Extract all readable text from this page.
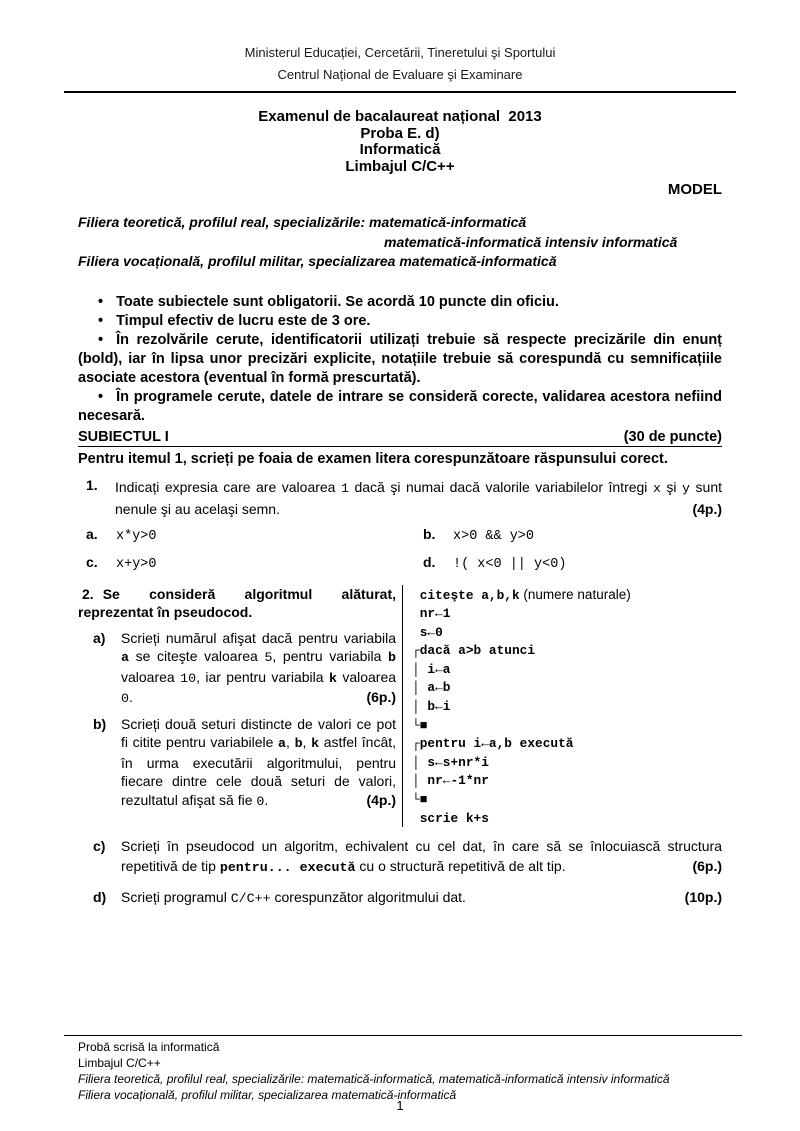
Ministerul Educației, Cercetării, Tineretului şi Sportului
Centrul Național de Evaluare şi Examinare
Examenul de bacalaureat național  2013
Proba E. d)
Informatică
Limbajul C/C++
MODEL
Filiera teoretică, profilul real, specializările: matematică-informatică
matematică-informatică intensiv informatică
Filiera vocațională, profilul militar, specializarea matematică-informatică

• Toate subiectele sunt obligatorii. Se acordă 10 puncte din oficiu.

• Timpul efectiv de lucru este de 3 ore.

• În rezolvările cerute, identificatorii utilizați trebuie să respecte precizările din enunț (bold), iar în lipsa unor precizări explicite, notațiile trebuie să corespundă cu semnificațiile asociate acestora (eventual în formă prescurtată).

• În programele cerute, datele de intrare se consideră corecte, validarea acestora nefiind necesară.

SUBIECTUL I	(30 de puncte)
Pentru itemul 1, scrieți pe foaia de examen litera corespunzătoare răspunsului corect.
1.	Indicați expresia care are valoarea 1 dacă şi numai dacă valorile variabilelor întregi x şi y sunt nenule şi au acelaşi semn.	(4p.)
a.	x*y>0	b.	x>0 && y>0
c.	x+y>0	d.	!( x<0 || y<0)

2. Se consideră algoritmul alăturat, reprezentat în pseudocod.

a)	Scrieți numărul afişat dacă pentru variabila a se citeşte valoarea 5, pentru variabila b valoarea 10, iar pentru variabila k valoarea 0.	(6p.)
b)	Scrieți două seturi distincte de valori ce pot fi citite pentru variabilele a, b, k astfel încât, în urma executării algoritmului, pentru fiecare dintre cele două seturi de valori, rezultatul afişat să fie 0.	(4p.)
citeşte a,b,k (numere naturale)
nr←1
s←0
┌dacă a>b atunci
│ i←a
│ a←b
│ b←i
└■
┌pentru i←a,b execută
│ s←s+nr*i
│ nr←-1*nr
└■
scrie k+s
c)	Scrieți în pseudocod un algoritm, echivalent cu cel dat, în care să se înlocuiască structura repetitivă de tip pentru... execută cu o structură repetitivă de alt tip.	(6p.)
d)	Scrieți programul C/C++ corespunzător algoritmului dat.	(10p.)
Probă scrisă la informatică
Limbajul C/C++
Filiera teoretică, profilul real, specializările: matematică-informatică, matematică-informatică intensiv informatică
Filiera vocațională, profilul militar, specializarea matematică-informatică
1
